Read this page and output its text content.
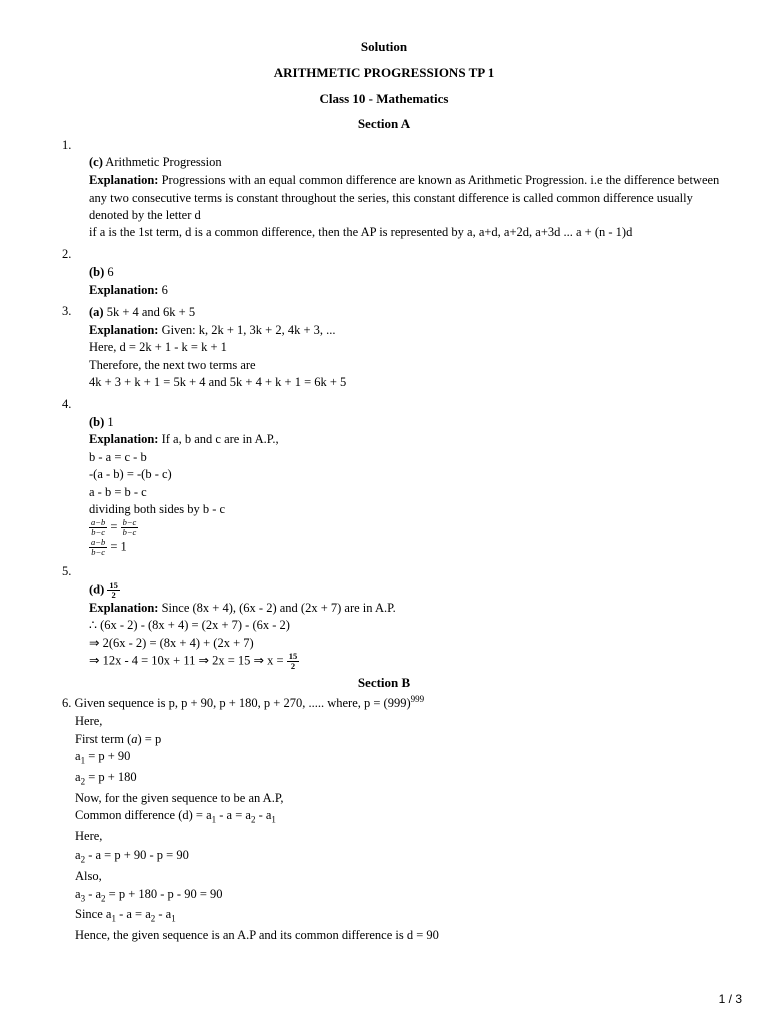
Solution
ARITHMETIC PROGRESSIONS TP 1
Class 10 - Mathematics
Section A
1.
(c) Arithmetic Progression
Explanation: Progressions with an equal common difference are known as Arithmetic Progression. i.e the difference between any two consecutive terms is constant throughout the series, this constant difference is called common difference usually denoted by the letter d
if a is the 1st term, d is a common difference, then the AP is represented by a, a+d, a+2d, a+3d ... a + (n - 1)d
2.
(b) 6
Explanation: 6
3. (a) 5k + 4 and 6k + 5
Explanation: Given: k, 2k + 1, 3k + 2, 4k + 3, ...
Here, d = 2k + 1 - k = k + 1
Therefore, the next two terms are
4k + 3 + k + 1 = 5k + 4 and 5k + 4 + k + 1 = 6k + 5
4.
(b) 1
Explanation: If a, b and c are in A.P.,
b - a = c - b
-(a - b) = -(b - c)
a - b = b - c
dividing both sides by b - c
$\frac{a-b}{b-c} = \frac{b-c}{b-c}$
$\frac{a-b}{b-c} = 1$
5.
$(d) \frac{15}{2}$
Explanation: Since (8x + 4), (6x - 2) and (2x + 7) are in A.P.
∴ (6x - 2) - (8x + 4) = (2x + 7) - (6x - 2)
⇒ 2(6x - 2) = (8x + 4) + (2x + 7)
⇒ 12x - 4 = 10x + 11 ⇒ 2x = 15 ⇒ $x = \frac{15}{2}$
Section B
6. Given sequence is p, p + 90, p + 180, p + 270, ..... where, $p = (999)^{999}$
Here,
First term (a) = p
$a_1 = p + 90$
$a_2 = p + 180$
Now, for the given sequence to be an A.P,
Common difference $(d) = a_1 - a = a_2 - a_1$
Here,
$a_2 - a = p + 90 - p = 90$
Also,
$a_3 - a_2 = p + 180 - p - 90 = 90$
Since $a_1 - a = a_2 - a_1$
Hence, the given sequence is an A.P and its common difference is d = 90
1 / 3
